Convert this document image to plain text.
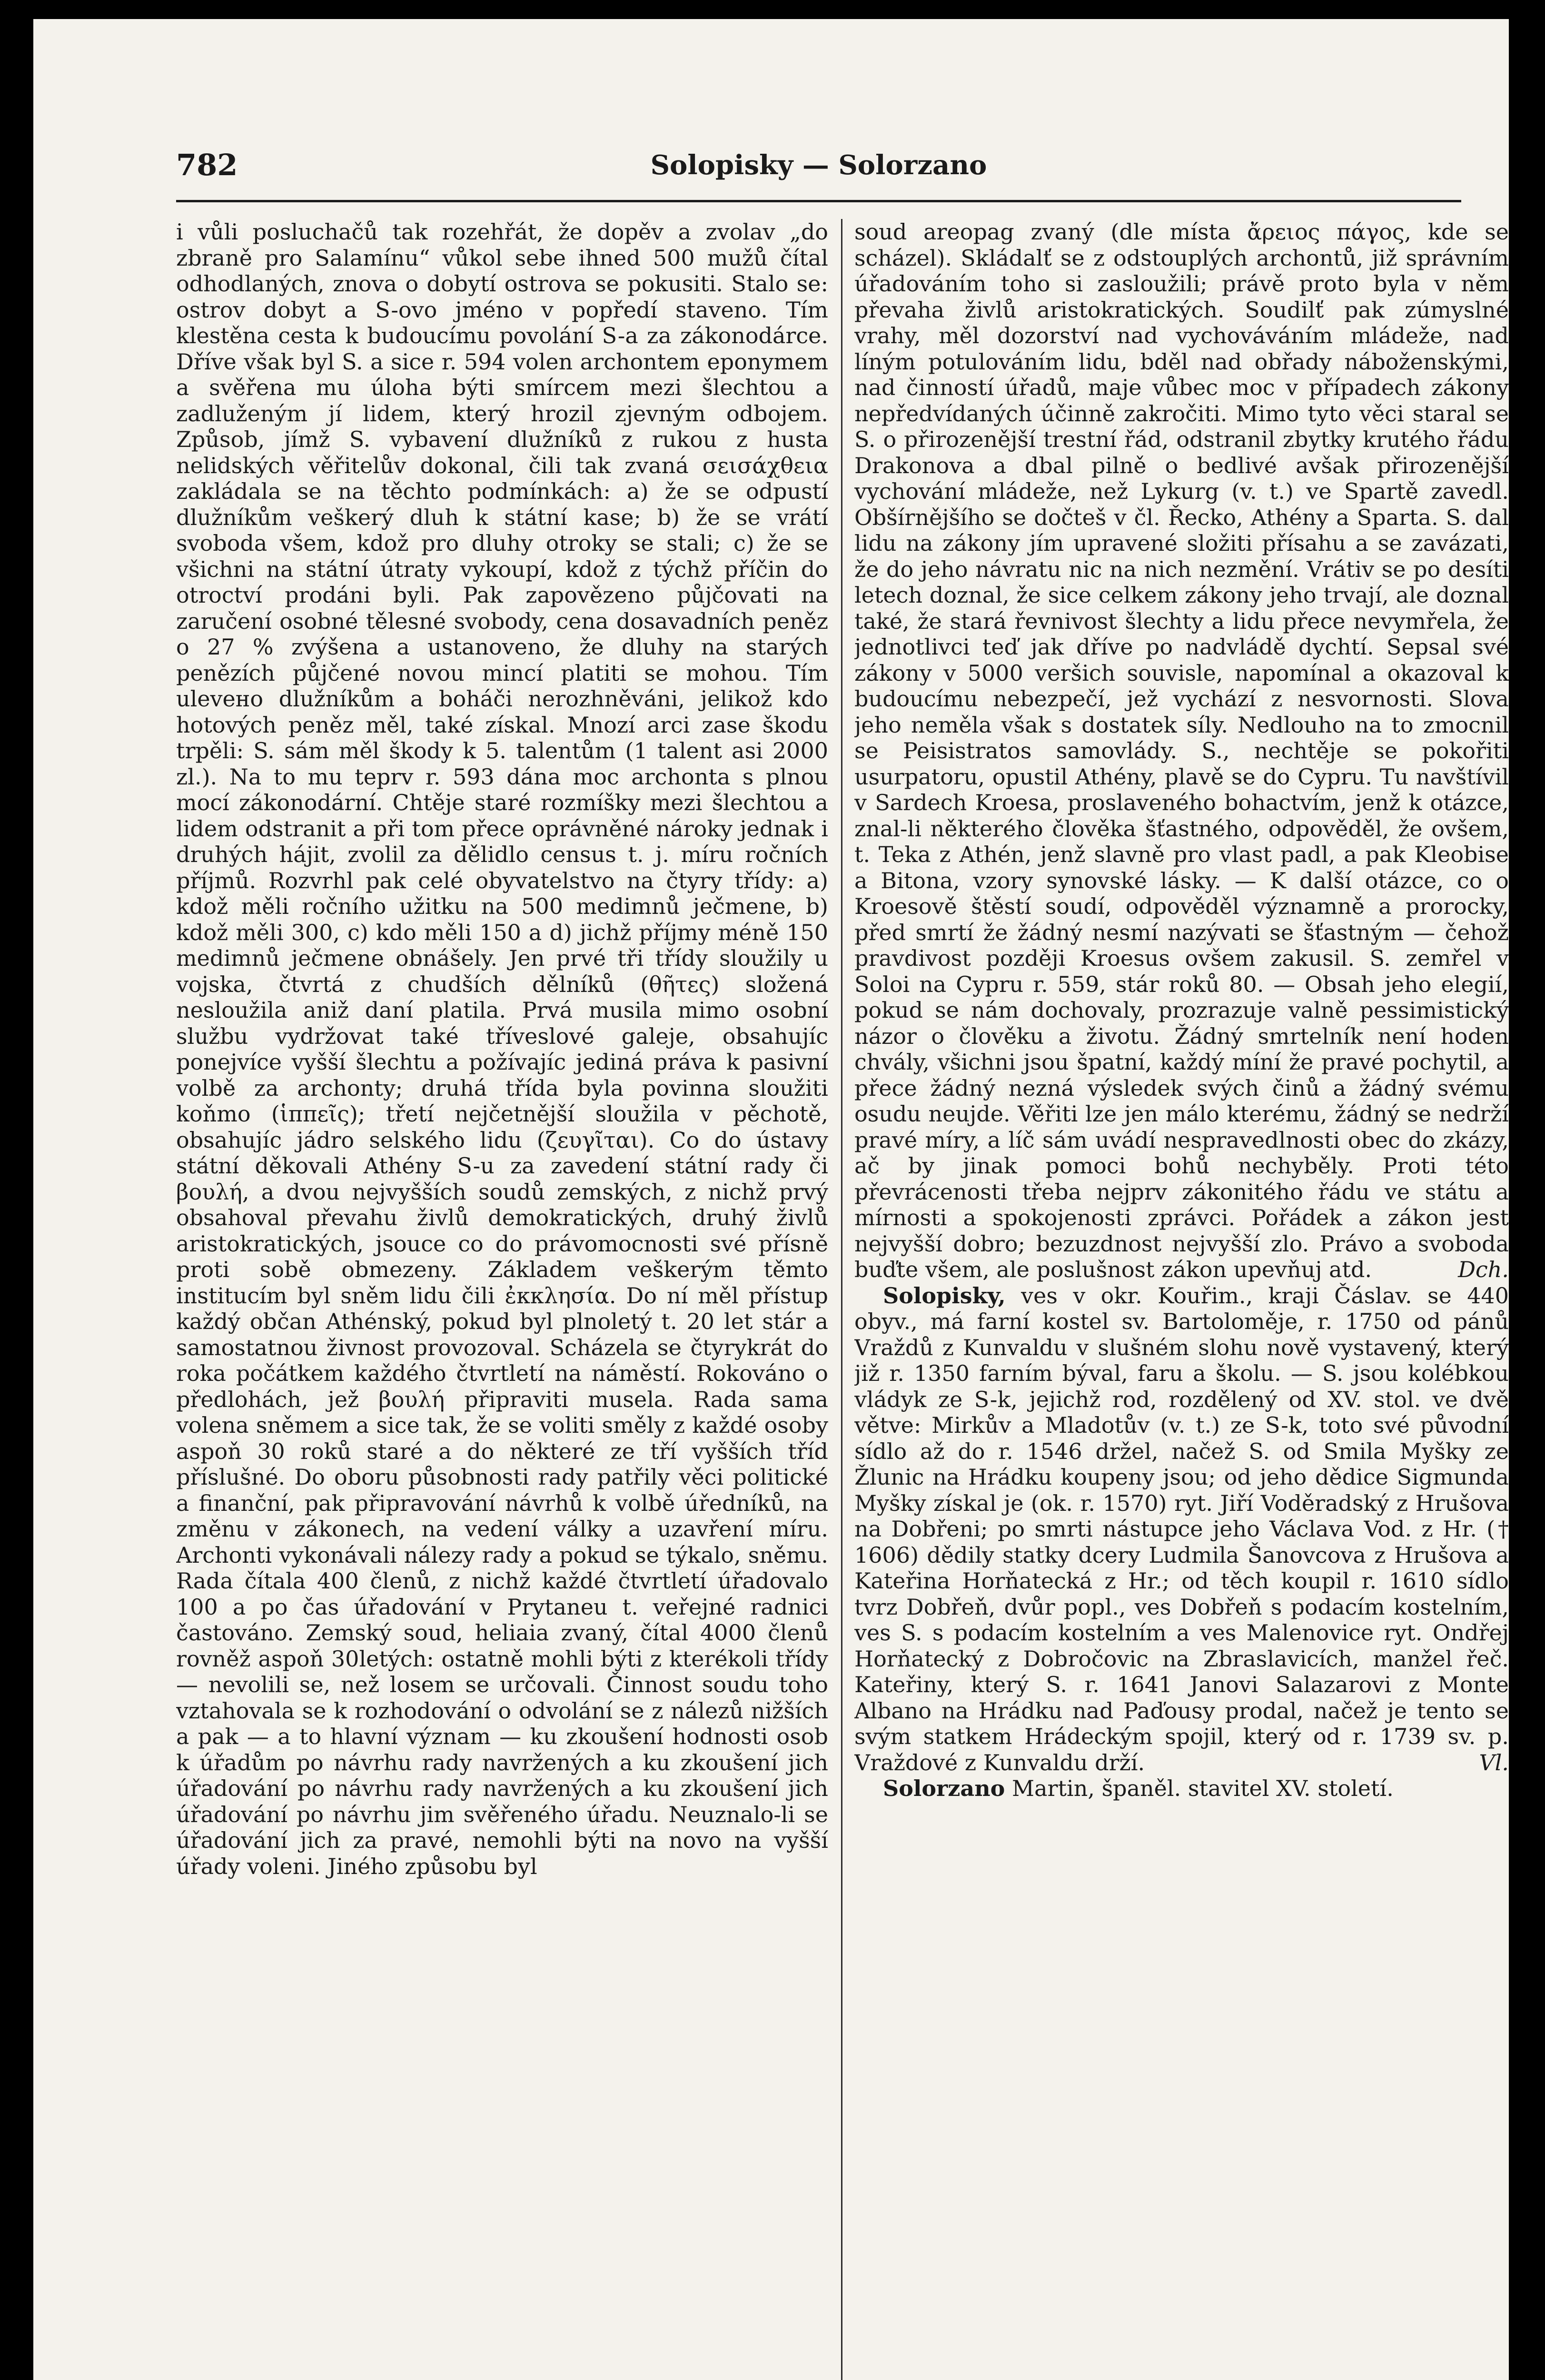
782	Solopisky — Solorzano

i vůli posluchačů tak rozehřát, že dopěv a zvolav „do zbraně pro Salamínu“ vůkol sebe ihned 500 mužů čítal odhodlaných, znova o dobytí ostrova se pokusiti. Stalo se: ostrov dobyt a S-ovo jméno v popředí staveno. Tím klestěna cesta k budoucímu povolání S-a za zákonodárce. Dříve však byl S. a sice r. 594 volen archontem eponymem a svěřena mu úloha býti smírcem mezi šlechtou a zadluženým jí lidem, který hrozil zjevným odbojem. Způsob, jímž S. vybavení dlužníků z rukou z husta nelidských věřitelův dokonal, čili tak zvaná σεισάχθεια zakládala se na těchto podmínkách: a) že se odpustí dlužníkům veškerý dluh k státní kase; b) že se vrátí svoboda všem, kdož pro dluhy otroky se stali; c) že se všichni na státní útraty vykoupí, kdož z týchž příčin do otroctví prodáni byli. Pak zapovězeno půjčovati na zaručení osobné tělesné svobody, cena dosavadních peněz o 27 % zvýšena a ustanoveno, že dluhy na starých penězích půjčené novou mincí platiti se mohou. Tím ulevено dlužníkům a boháči nerozhněváni, jelikož kdo hotových peněz měl, také získal. Mnozí arci zase škodu trpěli: S. sám měl škody k 5. talentům (1 talent asi 2000 zl.). Na to mu teprv r. 593 dána moc archonta s plnou mocí zákonodární. Chtěje staré rozmíšky mezi šlechtou a lidem odstranit a při tom přece oprávněné nároky jednak i druhých hájit, zvolil za dělidlo census t. j. míru ročních příjmů. Rozvrhl pak celé obyvatelstvo na čtyry třídy: a) kdož měli ročního užitku na 500 medimnů ječmene, b) kdož měli 300, c) kdo měli 150 a d) jichž příjmy méně 150 medimnů ječmene obnášely. Jen prvé tři třídy sloužily u vojska, čtvrtá z chudších dělníků (θῆτες) složená nesloužila aniž daní platila. Prvá musila mimo osobní službu vydržovat také tříveslové galeje, obsahujíc ponejvíce vyšší šlechtu a požívajíc jediná práva k pasivní volbě za archonty; druhá třída byla povinna sloužiti koňmo (ἱππεῖς); třetí nejčetnější sloužila v pěchotě, obsahujíc jádro selského lidu (ζευγῖται). Co do ústavy státní děkovali Athény S-u za zavedení státní rady či βουλή, a dvou nejvyšších soudů zemských, z nichž prvý obsahoval převahu živlů demokratických, druhý živlů aristokratických, jsouce co do právomocnosti své přísně proti sobě obmezeny. Základem veškerým těmto institucím byl sněm lidu čili ἐκκλησία. Do ní měl přístup každý občan Athénský, pokud byl plnoletý t. 20 let stár a samostatnou živnost provozoval. Scházela se čtyrykrát do roka počátkem každého čtvrtletí na náměstí. Rokováno o předlohách, jež βουλή připraviti musela. Rada sama volena sněmem a sice tak, že se voliti směly z každé osoby aspoň 30 roků staré a do některé ze tří vyšších tříd příslušné. Do oboru působnosti rady patřily věci politické a finanční, pak připravování návrhů k volbě úředníků, na změnu v zákonech, na vedení války a uzavření míru. Archonti vykonávali nálezy rady a pokud se týkalo, sněmu. Rada čítala 400 členů, z nichž každé čtvrtletí úřadovalo 100 a po čas úřadování v Prytaneu t. veřejné radnici častováno. Zemský soud, heliaia zvaný, čítal 4000 členů rovněž aspoň 30letých: ostatně mohli býti z kterékoli třídy — nevolili se, než losem se určovali. Činnost soudu toho vztahovala se k rozhodování o odvolání se z nálezů nižších a pak — a to hlavní význam — ku zkoušení hodnosti osob k úřadům po návrhu rady navržených a ku zkoušení jich úřadování po návrhu rady navržených a ku zkoušení jich úřadování po návrhu jim svěřeného úřadu. Neuznalo-li se úřadování jich za pravé, nemohli býti na novo na vyšší úřady voleni. Jiného způsobu byl

soud areopag zvaný (dle místa ἄρειος πάγος, kde se scházel). Skládalť se z odstouplých archontů, již správním úřadováním toho si zasloužili; právě proto byla v něm převaha živlů aristokratických. Soudilť pak zúmyslné vrahy, měl dozorství nad vychováváním mládeže, nad líným potulováním lidu, bděl nad obřady náboženskými, nad činností úřadů, maje vůbec moc v případech zákony nepředvídaných účinně zakročiti. Mimo tyto věci staral se S. o přirozenější trestní řád, odstranil zbytky krutého řádu Drakonova a dbal pilně o bedlivé avšak přirozenější vychování mládeže, než Lykurg (v. t.) ve Spartě zavedl. Obšírnějšího se dočteš v čl. Řecko, Athény a Sparta. S. dal lidu na zákony jím upravené složiti přísahu a se zavázati, že do jeho návratu nic na nich nezmění. Vrátiv se po desíti letech doznal, že sice celkem zákony jeho trvají, ale doznal také, že stará řevnivost šlechty a lidu přece nevymřela, že jednotlivci teď jak dříve po nadvládě dychtí. Sepsal své zákony v 5000 veršich souvisle, napomínal a okazoval k budoucímu nebezpečí, jež vychází z nesvornosti. Slova jeho neměla však s dostatek síly. Nedlouho na to zmocnil se Peisistratos samovlády. S., nechtěje se pokořiti usurpatoru, opustil Athény, plavě se do Cypru. Tu navštívil v Sardech Kroesa, proslaveného bohactvím, jenž k otázce, znal-li některého člověka šťastného, odpověděl, že ovšem, t. Teka z Athén, jenž slavně pro vlast padl, a pak Kleobise a Bitona, vzory synovské lásky. — K další otázce, co o Kroesově štěstí soudí, odpověděl významně a prorocky, před smrtí že žádný nesmí nazývati se šťastným — čehož pravdivost později Kroesus ovšem zakusil. S. zemřel v Soloi na Cypru r. 559, stár roků 80. — Obsah jeho elegií, pokud se nám dochovaly, prozrazuje valně pessimistický názor o člověku a životu. Žádný smrtelník není hoden chvály, všichni jsou špatní, každý míní že pravé pochytil, a přece žádný nezná výsledek svých činů a žádný svému osudu neujde. Věřiti lze jen málo kterému, žádný se nedrží pravé míry, a líč sám uvádí nespravedlnosti obec do zkázy, ač by jinak pomoci bohů nechyběly. Proti této převrácenosti třeba nejprv zákonitého řádu ve státu a mírnosti a spokojenosti zprávci. Pořádek a zákon jest nejvyšší dobro; bezuzdnost nejvyšší zlo. Právo a svoboda buďte všem, ale poslušnost zákon upevňuj atd.	Dch.

Solopisky, ves v okr. Kouřim., kraji Čáslav. se 440 obyv., má farní kostel sv. Bartoloměje, r. 1750 od pánů Vraždů z Kunvaldu v slušném slohu nově vystavený, který již r. 1350 farním býval, faru a školu. — S. jsou kolébkou vládyk ze S-k, jejichž rod, rozdělený od XV. stol. ve dvě větve: Mirkův a Mladotův (v. t.) ze S-k, toto své původní sídlo až do r. 1546 držel, načež S. od Smila Myšky ze Žlunic na Hrádku koupeny jsou; od jeho dědice Sigmunda Myšky získal je (ok. r. 1570) ryt. Jiří Voděradský z Hrušova na Dobřeni; po smrti nástupce jeho Václava Vod. z Hr. († 1606) dědily statky dcery Ludmila Šanovcova z Hrušova a Kateřina Horňatecká z Hr.; od těch koupil r. 1610 sídlo tvrz Dobřeň, dvůr popl., ves Dobřeň s podacím kostelním, ves S. s podacím kostelním a ves Malenovice ryt. Ondřej Horňatecký z Dobročovic na Zbraslavicích, manžel řeč. Kateřiny, který S. r. 1641 Janovi Salazarovi z Monte Albano na Hrádku nad Paďousy prodal, načež je tento se svým statkem Hrádeckým spojil, který od r. 1739 sv. p. Vraždové z Kunvaldu drží.	Vl.

Solorzano Martin, španěl. stavitel XV. století.
